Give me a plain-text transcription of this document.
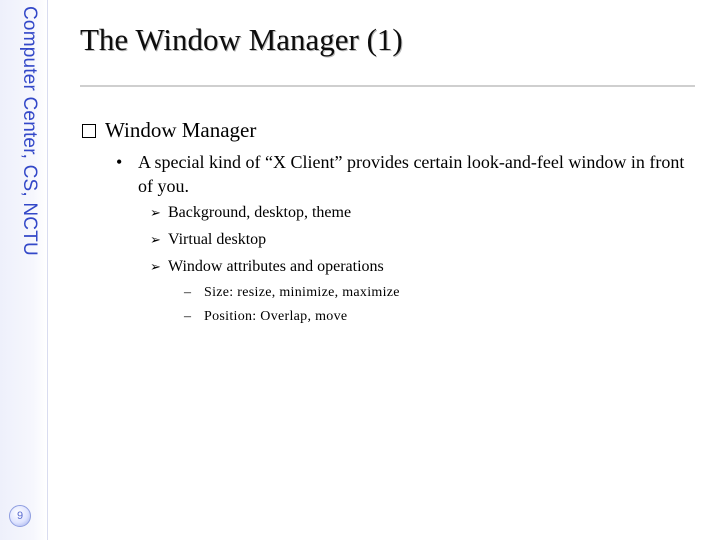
Computer Center, CS, NCTU
9
The Window Manager (1)
Window Manager
• A special kind of “X Client” provides certain look-and-feel window in front of you.
➢ Background, desktop, theme
➢ Virtual desktop
➢ Window attributes and operations
– Size: resize, minimize, maximize
– Position: Overlap, move
